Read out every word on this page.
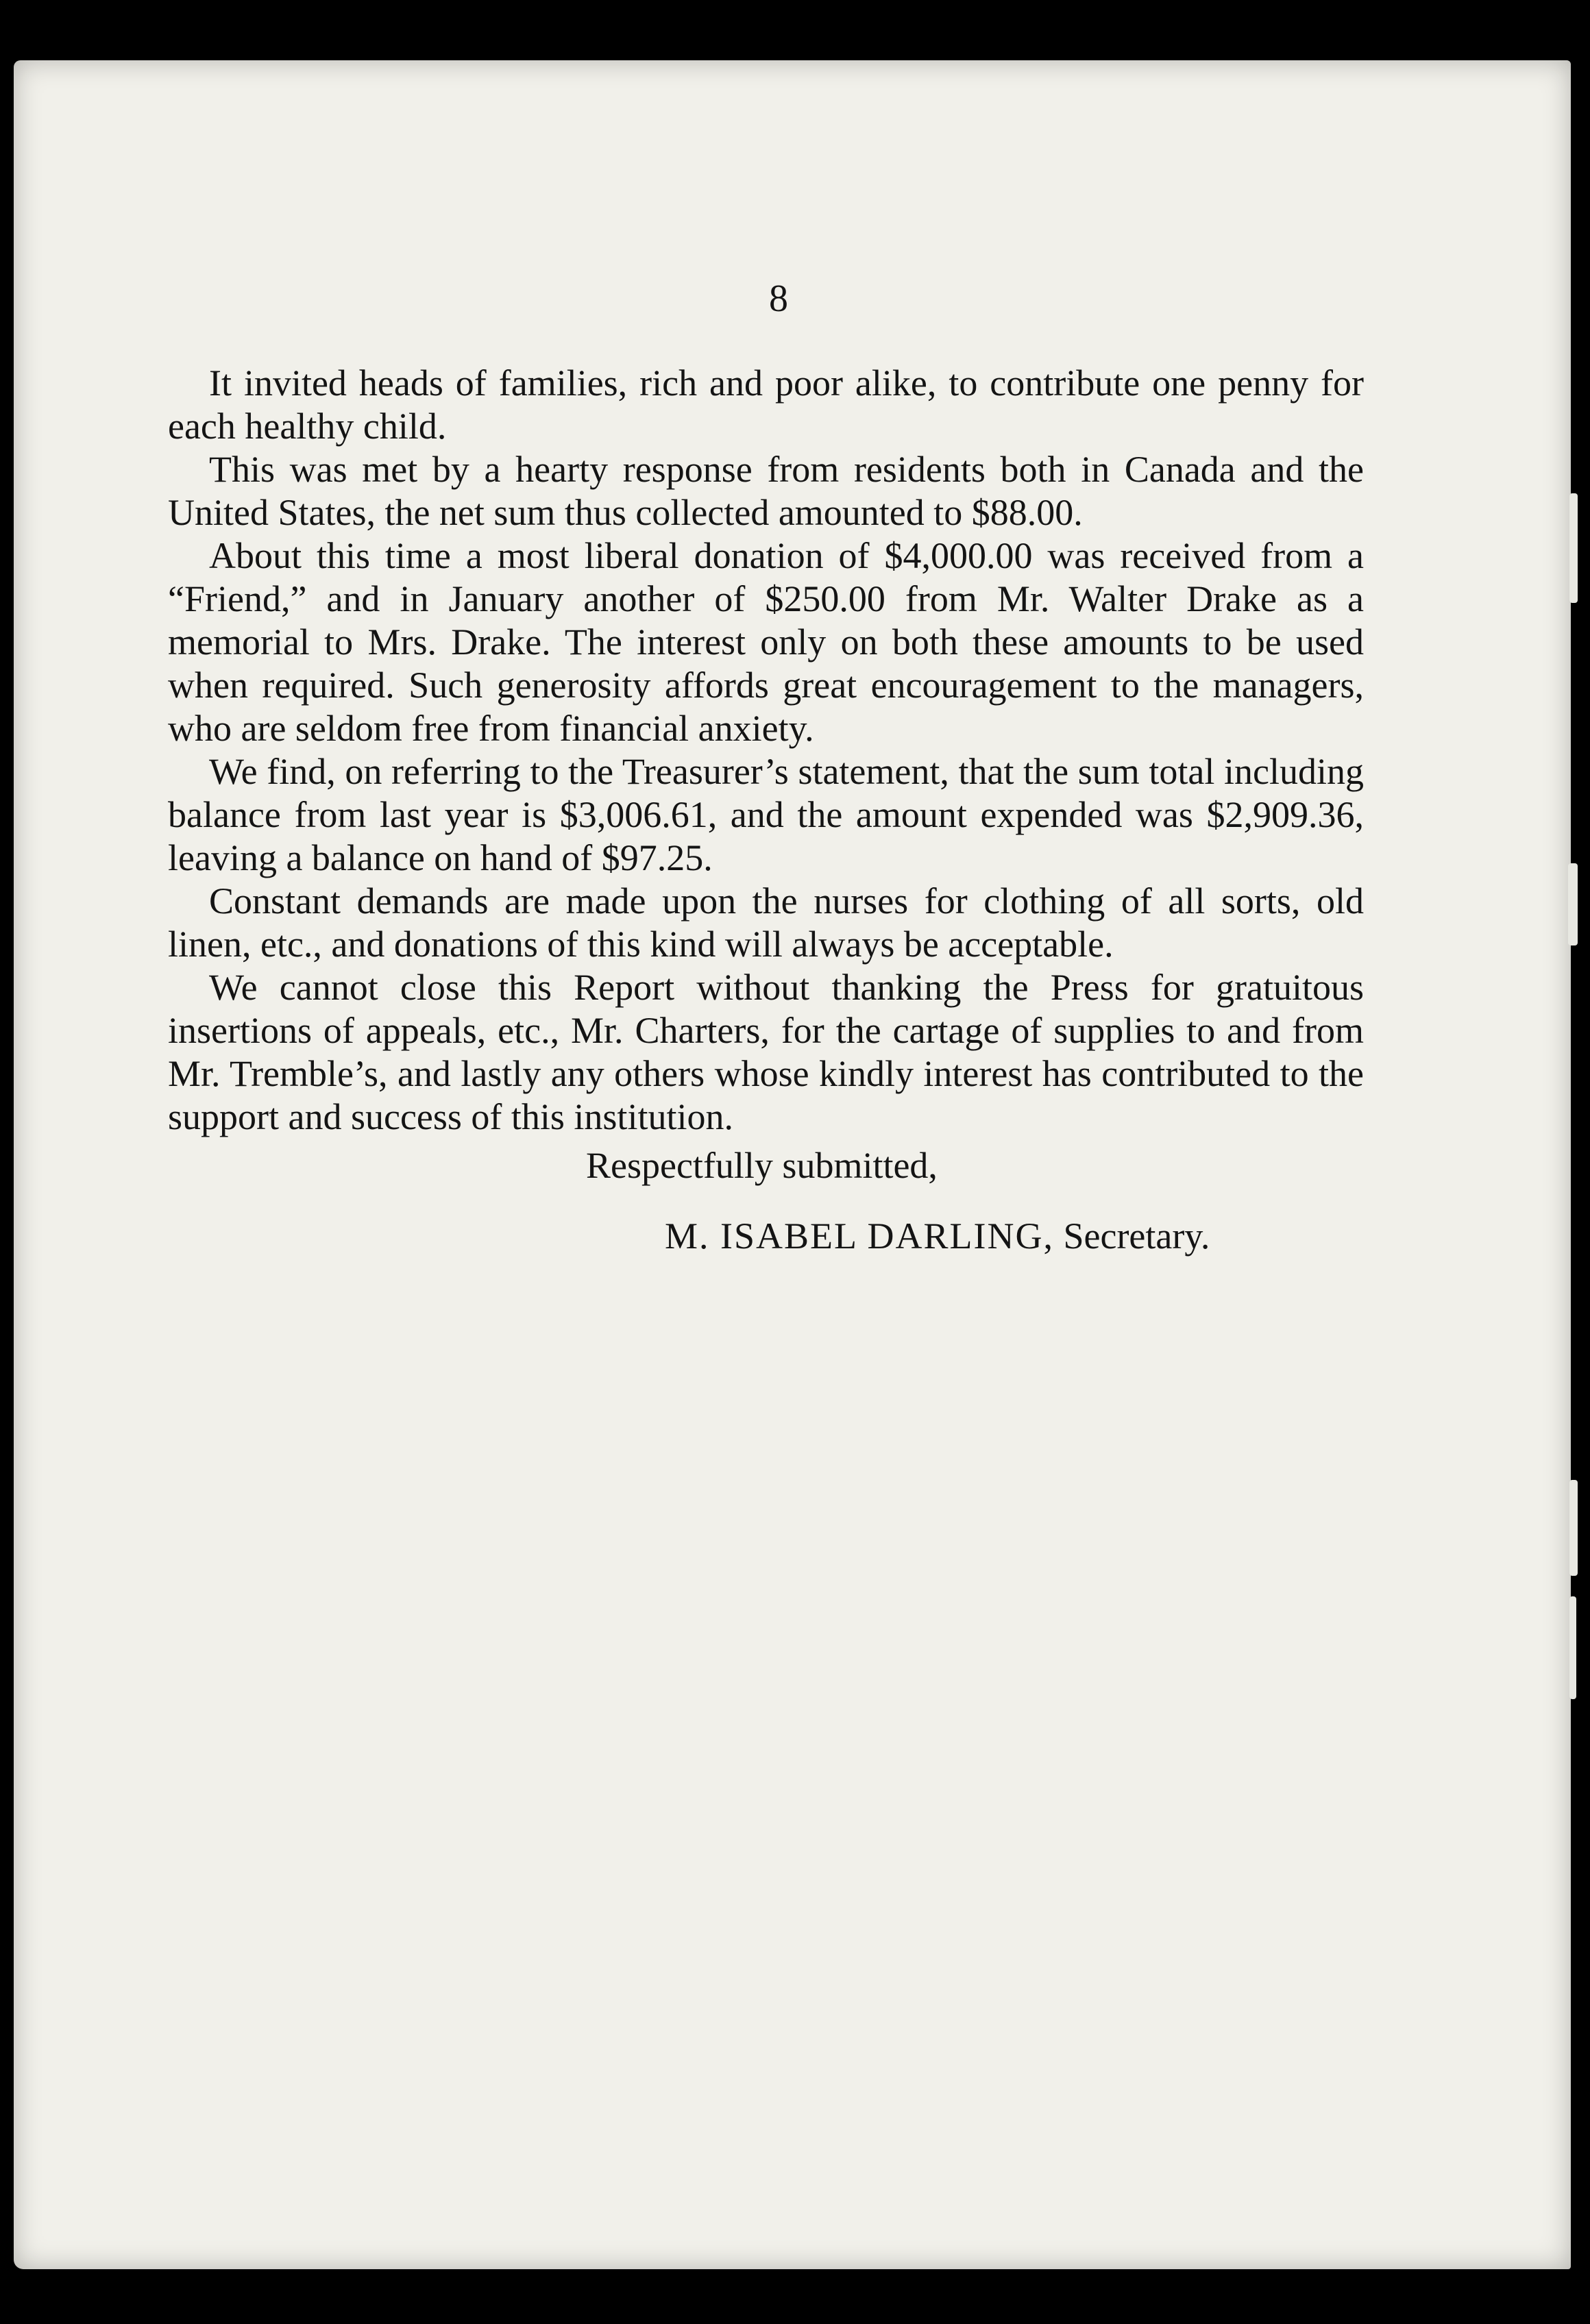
8

It invited heads of families, rich and poor alike, to contribute one penny for each healthy child.

This was met by a hearty response from residents both in Canada and the United States, the net sum thus collected amounted to $88.00.

About this time a most liberal donation of $4,000.00 was received from a “Friend,” and in January another of $250.00 from Mr. Walter Drake as a memorial to Mrs. Drake. The interest only on both these amounts to be used when required. Such generosity affords great encouragement to the managers, who are seldom free from financial anxiety.

We find, on referring to the Treasurer’s statement, that the sum total including balance from last year is $3,006.61, and the amount expended was $2,909.36, leaving a balance on hand of $97.25.

Constant demands are made upon the nurses for clothing of all sorts, old linen, etc., and donations of this kind will always be acceptable.

We cannot close this Report without thanking the Press for gratuitous insertions of appeals, etc., Mr. Charters, for the cartage of supplies to and from Mr. Tremble’s, and lastly any others whose kindly interest has contributed to the support and success of this institution.

Respectfully submitted,
M. ISABEL DARLING, Secretary.
